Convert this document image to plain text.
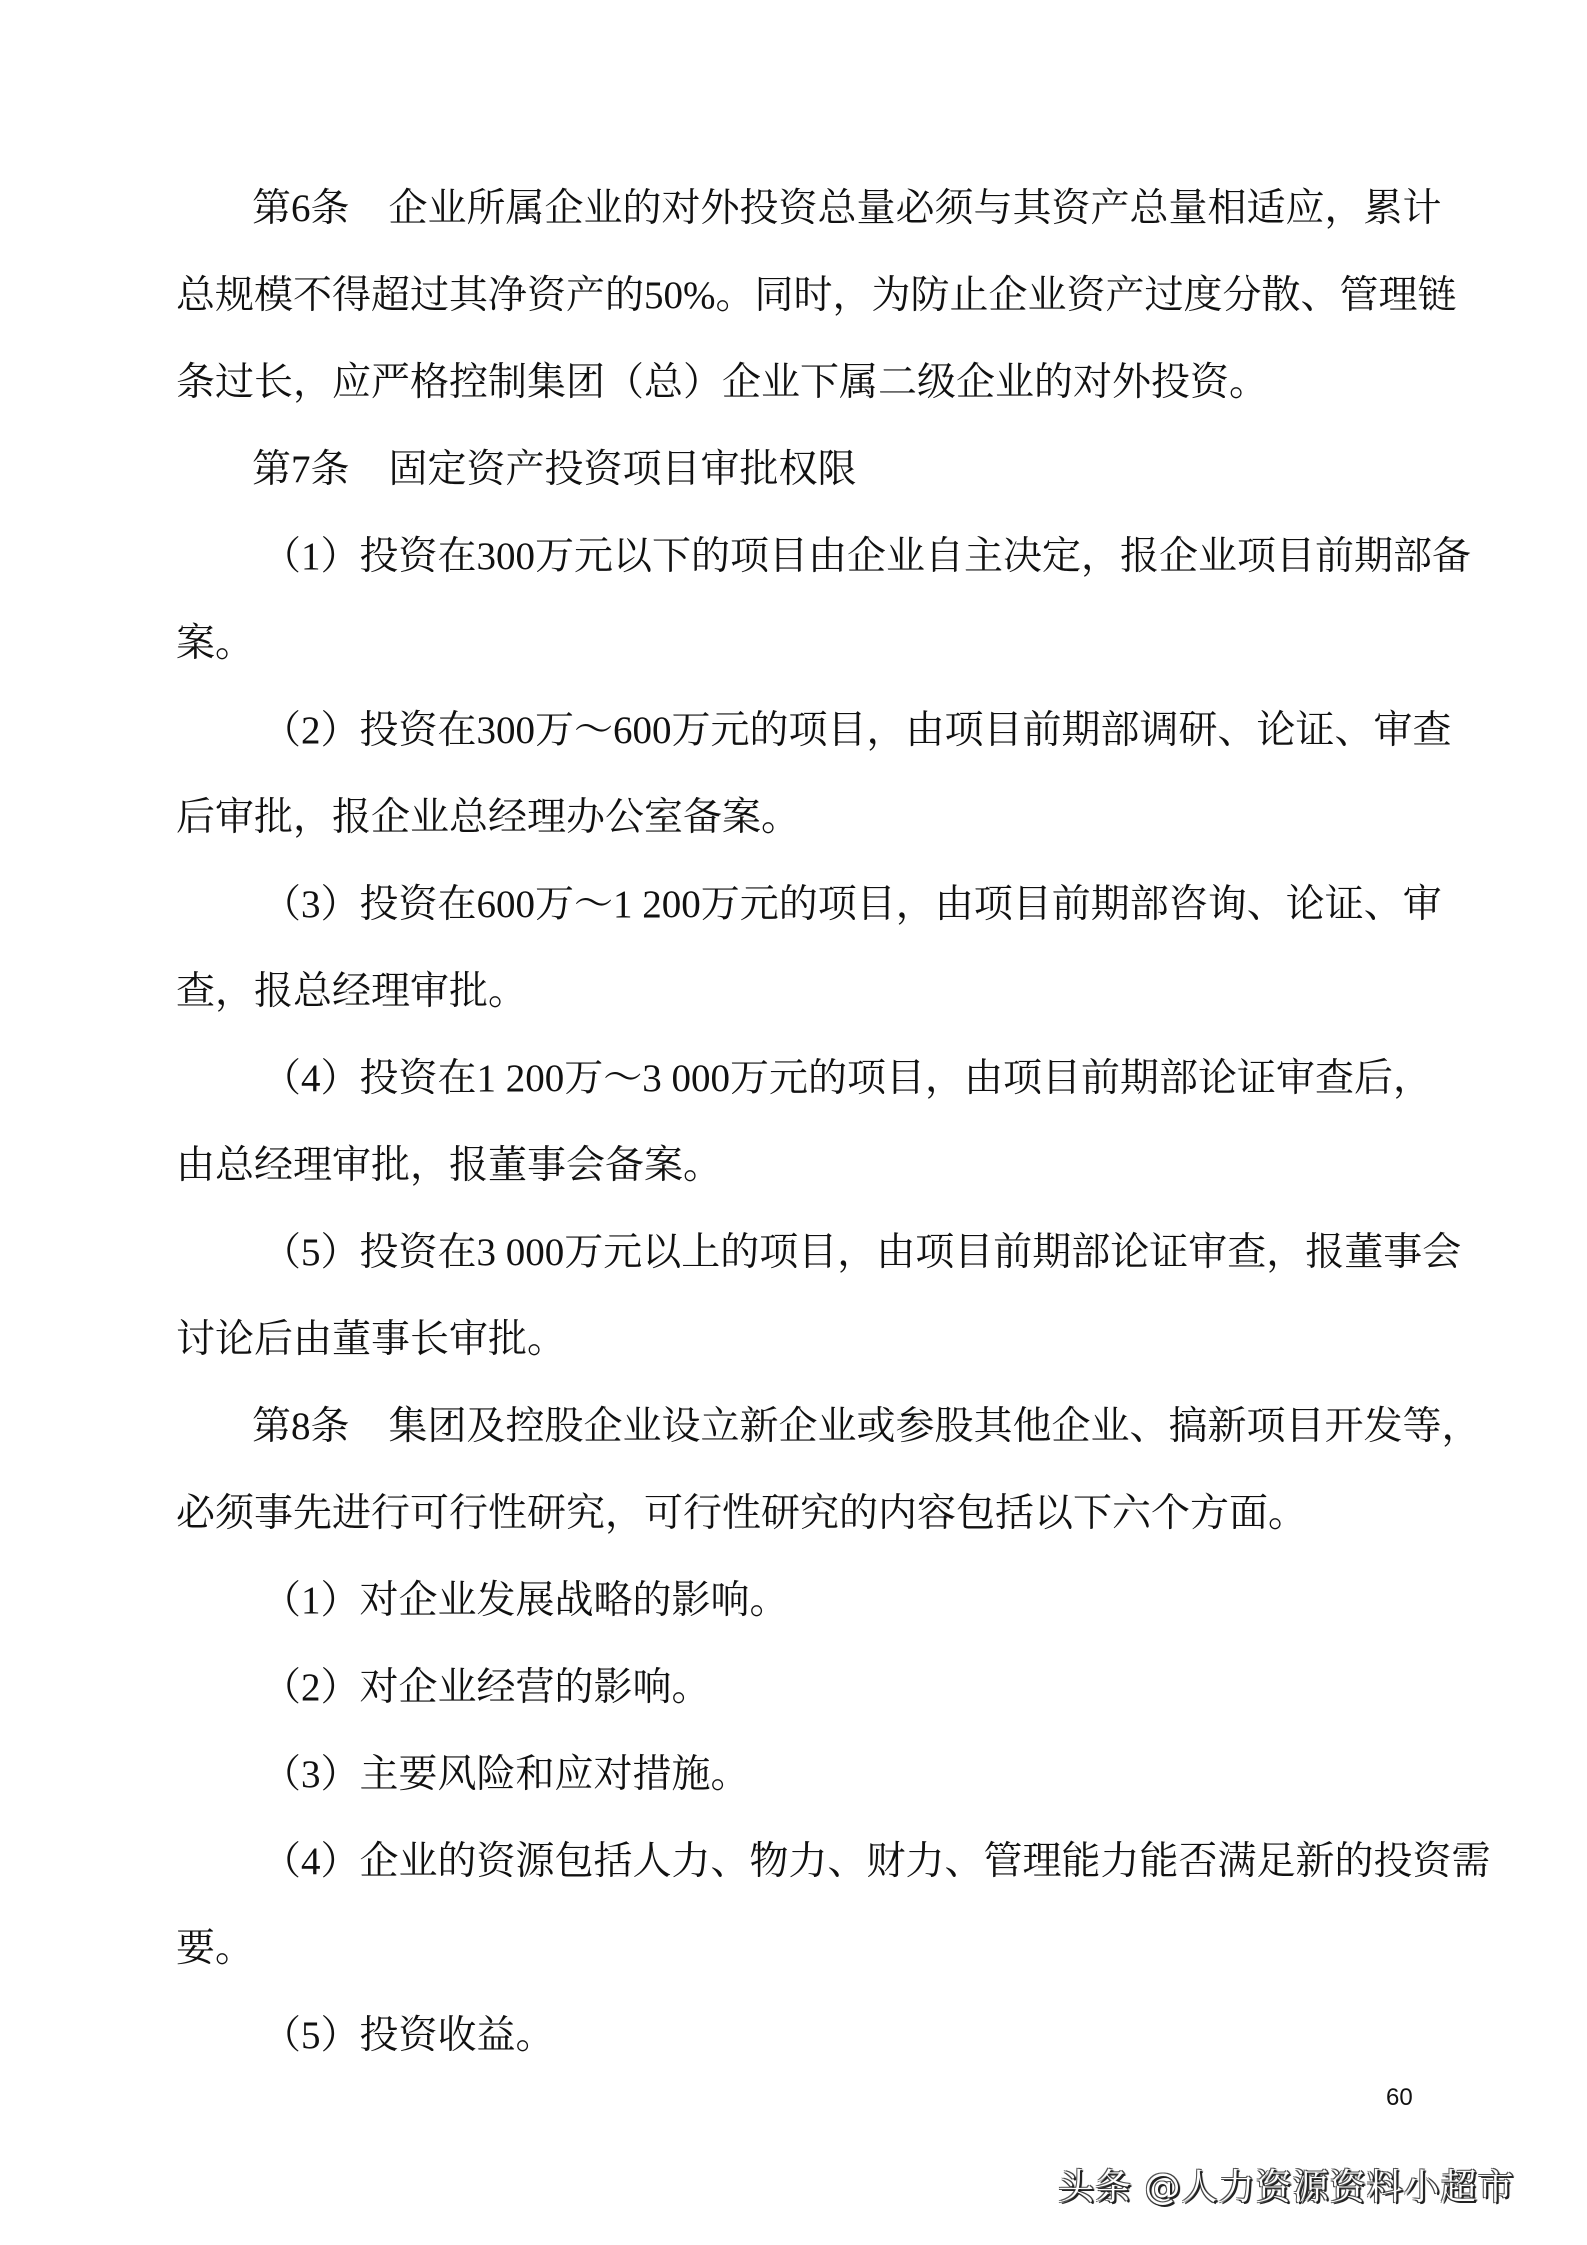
第6条　企业所属企业的对外投资总量必须与其资产总量相适应，累计
总规模不得超过其净资产的50%。同时，为防止企业资产过度分散、管理链
条过长，应严格控制集团（总）企业下属二级企业的对外投资。
第7条　固定资产投资项目审批权限
（1）投资在300万元以下的项目由企业自主决定，报企业项目前期部备
案。
（2）投资在300万～600万元的项目，由项目前期部调研、论证、审查
后审批，报企业总经理办公室备案。
（3）投资在600万～1 200万元的项目，由项目前期部咨询、论证、审
查，报总经理审批。
（4）投资在1 200万～3 000万元的项目，由项目前期部论证审查后，
由总经理审批，报董事会备案。
（5）投资在3 000万元以上的项目，由项目前期部论证审查，报董事会
讨论后由董事长审批。
第8条　集团及控股企业设立新企业或参股其他企业、搞新项目开发等，
必须事先进行可行性研究，可行性研究的内容包括以下六个方面。
（1）对企业发展战略的影响。
（2）对企业经营的影响。
（3）主要风险和应对措施。
（4）企业的资源包括人力、物力、财力、管理能力能否满足新的投资需
要。
（5）投资收益。
60
头条 @人力资源资料小超市
